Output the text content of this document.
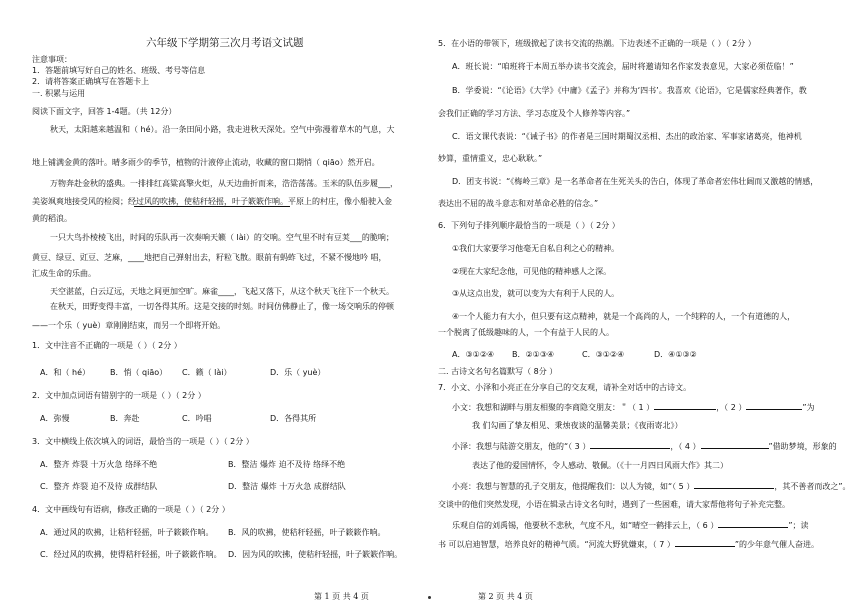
六年级下学期第三次月考语文试题
注意事项：
1．答题前填写好自己的姓名、班级、考号等信息
2．请将答案正确填写在答题卡上
一. 积累与运用
阅读下面文字，回答 1-4题。（共 12分）
秋天，太阳越来越温和（ hé）。沿一条田间小路，我走进秋天深处。空气中弥漫着草木的气息，大
地上铺满金黄的落叶。晴多雨少的季节，植物的汁液停止流动，收藏的窗口期悄（ qiāo）然开启。
万物奔赴金秋的盛典。一排排红高粱高擎火炬，从天边曲折而来，浩浩荡荡。玉米的队伍步履___，
美姿飒爽地接受风的检阅；经过风的吹拂，使秸秆轻摇，叶子簌簌作响。平原上的村庄，像小船驶入金
黄的稻浪。
一只大鸟扑棱棱飞出，时间的乐队再一次奏响天籁（ lài）的交响。空气里不时有豆荚___的脆响；
黄豆、绿豆、豇豆、芝麻，____地把自己弹射出去，籽粒飞散。眼前有蚂蚱飞过，不紧不慢地吟 唱，
汇成生命的乐曲。
天空湛蓝，白云辽远，天地之间更加空旷。麻雀____，飞起又落下，从这个秋天飞往下一个秋天。
在秋天，田野变得丰富，一切各得其所。这是交接的时刻。时间仿佛静止了，像一场交响乐的停顿
——一个乐（ yuè）章刚刚结束，而另一个即将开始。
1．文中注音不正确的一项是（ ）（ 2分 ）
A．和（ hé） B．悄（ qiāo） C．籁（ lài）	D．乐（ yuè）
2．文中加点词语有错别字的一项是（ ）（ 2分 ）
A．弥慢	B．奔赴	C．吟唱	D．各得其所
3．文中横线上依次填入的词语，最恰当的一项是（ ）（ 2分 ）
A．整齐 炸裂 十万火急 络绎不绝	B．整洁 爆炸 迫不及待 络绎不绝
C．整齐 炸裂 迫不及待 成群结队	D．整洁 爆炸 十万火急 成群结队
4．文中画线句有语病，修改正确的一项是（ ）（ 2分 ）
A．通过风的吹拂，让秸秆轻摇，叶子簌簌作响。 B．风的吹拂，使秸秆轻摇，叶子簌簌作响。
C．经过风的吹拂，使得秸秆轻摇，叶子簌簌作响。 D．因为风的吹拂，使秸秆轻摇，叶子簌簌作响。
第 1 页 共 4 页
5．在小语的带领下，班级掀起了读书交流的热潮。下边表述不正确的一项是（ ）（ 2分 ）
A．班长说：“咱班将于本周五举办读书交流会，届时将邀请知名作家发表意见，大家必须莅临！”
B．学委说：“《论语》《大学》《中庸》《孟子》并称为‘四书’。我喜欢《论语》，它是儒家经典著作，教
会我们正确的学习方法、学习态度及个人修养等内容。”
C．语文课代表说：“《诫子书》的作者是三国时期蜀汉丞相、杰出的政治家、军事家诸葛亮，他神机
妙算，重情重义，忠心耿耿。”
D．团支书说：“《梅岭三章》是一名革命者在生死关头的告白，体现了革命者宏伟壮阔而又激越的情感，
表达出不屈的战斗意志和对革命必胜的信念。”
6．下列句子排列顺序最恰当的一项是（ ）（ 2分 ）
①我们大家要学习他毫无自私自利之心的精神。
②现在大家纪念他，可见他的精神感人之深。
③从这点出发，就可以变为大有利于人民的人。
④一个人能力有大小，但只要有这点精神，就是一个高尚的人，一个纯粹的人，一个有道德的人，
一个脱离了低级趣味的人，一个有益于人民的人。
A．③①②④ B．②①③④	C．③①②④	D．④①③②
二. 古诗文名句名篇默写（ 8分 ）
7．小文、小泽和小亮正在分享自己的交友观，请补全对话中的古诗文。
小文：我想和湖畔与朋友相聚的李商隐交朋友：＂（ 1 ）	，（ 2 ）	”为
我 们勾画了挚友相见、秉烛夜谈的温馨美景；《夜雨寄北》）
小泽：我想与陆游交朋友，他的“（ 3 ）	，（ 4 ）	”借助梦境，形象的
表达了他的爱国情怀，令人感动、敬佩。（《十一月四日风雨大作》其二）
小亮：我想与智慧的孔子交朋友，他提醒我们：以人为镜，如“（ 5 ）	，其不善者而改之”。
交谈中的他们突然发现，小语在辑录古诗文名句时，遇到了一些困难，请大家帮他将句子补充完整。
乐观自信的刘禹锡，他要秋不悲秋，气度不凡，如“晴空一鹤排云上，（ 6 ）	”；读
书 可以启迪智慧，培养良好的精神气质。“河流大野犹嫌束，（ 7 ）	”的少年意气催人奋进。
第 2 页 共 4 页
